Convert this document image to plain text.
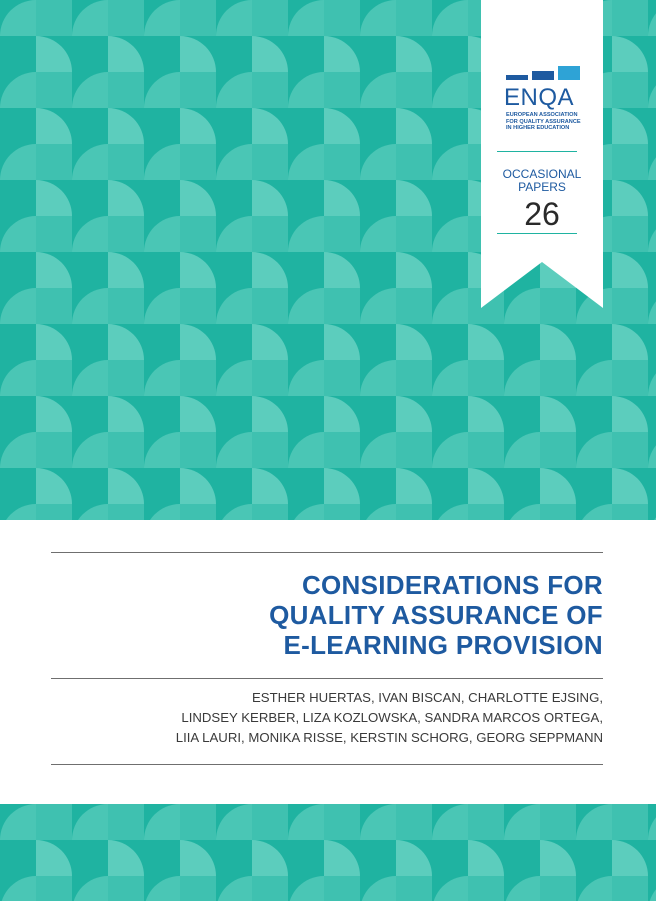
ENQA
EUROPEAN ASSOCIATION
FOR QUALITY ASSURANCE
IN HIGHER EDUCATION
OCCASIONAL
PAPERS
26
CONSIDERATIONS FOR
QUALITY ASSURANCE OF
E-LEARNING PROVISION
ESTHER HUERTAS, IVAN BISCAN, CHARLOTTE EJSING,
LINDSEY KERBER, LIZA KOZLOWSKA, SANDRA MARCOS ORTEGA,
LIIA LAURI, MONIKA RISSE, KERSTIN SCHORG, GEORG SEPPMANN
